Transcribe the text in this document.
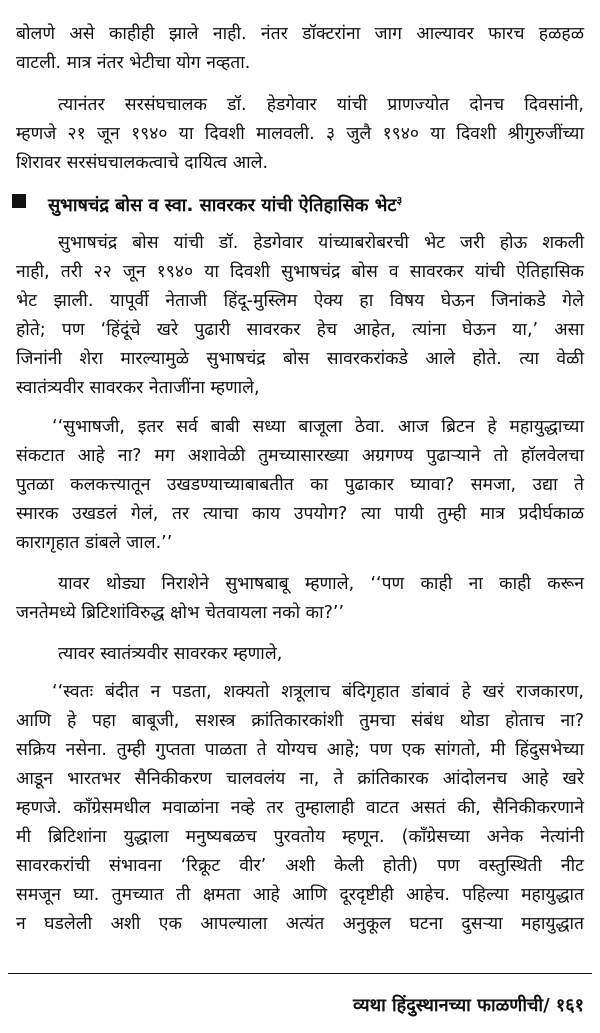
बोलणे असे काहीही झाले नाही. नंतर डॉक्टरांना जाग आल्यावर फारच हळहळ
वाटली. मात्र नंतर भेटीचा योग नव्हता.
त्यानंतर सरसंघचालक डॉ. हेडगेवार यांची प्राणज्योत दोनच दिवसांनी,
म्हणजे २१ जून १९४० या दिवशी मालवली. ३ जुलै १९४० या दिवशी श्रीगुरुजींच्या
शिरावर सरसंघचालकत्वाचे दायित्व आले.
सुभाषचंद्र बोस व स्वा. सावरकर यांची ऐतिहासिक भेट$^३$
सुभाषचंद्र बोस यांची डॉ. हेडगेवार यांच्याबरोबरची भेट जरी होऊ शकली
नाही, तरी २२ जून १९४० या दिवशी सुभाषचंद्र बोस व सावरकर यांची ऐतिहासिक
भेट झाली. यापूर्वी नेताजी हिंदू-मुस्लिम ऐक्य हा विषय घेऊन जिनांकडे गेले
होते; पण ‘हिंदूंचे खरे पुढारी सावरकर हेच आहेत, त्यांना घेऊन या,’ असा
जिनांनी शेरा मारल्यामुळे सुभाषचंद्र बोस सावरकरांकडे आले होते. त्या वेळी
स्वातंत्र्यवीर सावरकर नेताजींना म्हणाले,
‘‘सुभाषजी, इतर सर्व बाबी सध्या बाजूला ठेवा. आज ब्रिटन हे महायुद्धाच्या
संकटात आहे ना? मग अशावेळी तुमच्यासारख्या अग्रगण्य पुढाऱ्याने तो हॉलवेलचा
पुतळा कलकत्त्यातून उखडण्याच्याबाबतीत का पुढाकार घ्यावा? समजा, उद्या ते
स्मारक उखडलं गेलं, तर त्याचा काय उपयोग? त्या पायी तुम्ही मात्र प्रदीर्घकाळ
कारागृहात डांबले जाल.’’
यावर थोड्या निराशेने सुभाषबाबू म्हणाले, ‘‘पण काही ना काही करून
जनतेमध्ये ब्रिटिशांविरुद्ध क्षोभ चेतवायला नको का?’’
त्यावर स्वातंत्र्यवीर सावरकर म्हणाले,
‘‘स्वतः बंदीत न पडता, शक्यतो शत्रूलाच बंदिगृहात डांबावं हे खरं राजकारण,
आणि हे पहा बाबूजी, सशस्त्र क्रांतिकारकांशी तुमचा संबंध थोडा होताच ना?
सक्रिय नसेना. तुम्ही गुप्तता पाळता ते योग्यच आहे; पण एक सांगतो, मी हिंदुसभेच्या
आडून भारतभर सैनिकीकरण चालवलंय ना, ते क्रांतिकारक आंदोलनच आहे खरे
म्हणजे. कॉंग्रेसमधील मवाळांना नव्हे तर तुम्हालाही वाटत असतं की, सैनिकीकरणाने
मी ब्रिटिशांना युद्धाला मनुष्यबळच पुरवतोय म्हणून. (कॉंग्रेसच्या अनेक नेत्यांनी
सावरकरांची संभावना ‘रिक्रूट वीर’ अशी केली होती) पण वस्तुस्थिती नीट
समजून घ्या. तुमच्यात ती क्षमता आहे आणि दूरदृष्टीही आहेच. पहिल्या महायुद्धात
न घडलेली अशी एक आपल्याला अत्यंत अनुकूल घटना दुसऱ्या महायुद्धात
व्यथा हिंदुस्थानच्या फाळणीची/ १६१
